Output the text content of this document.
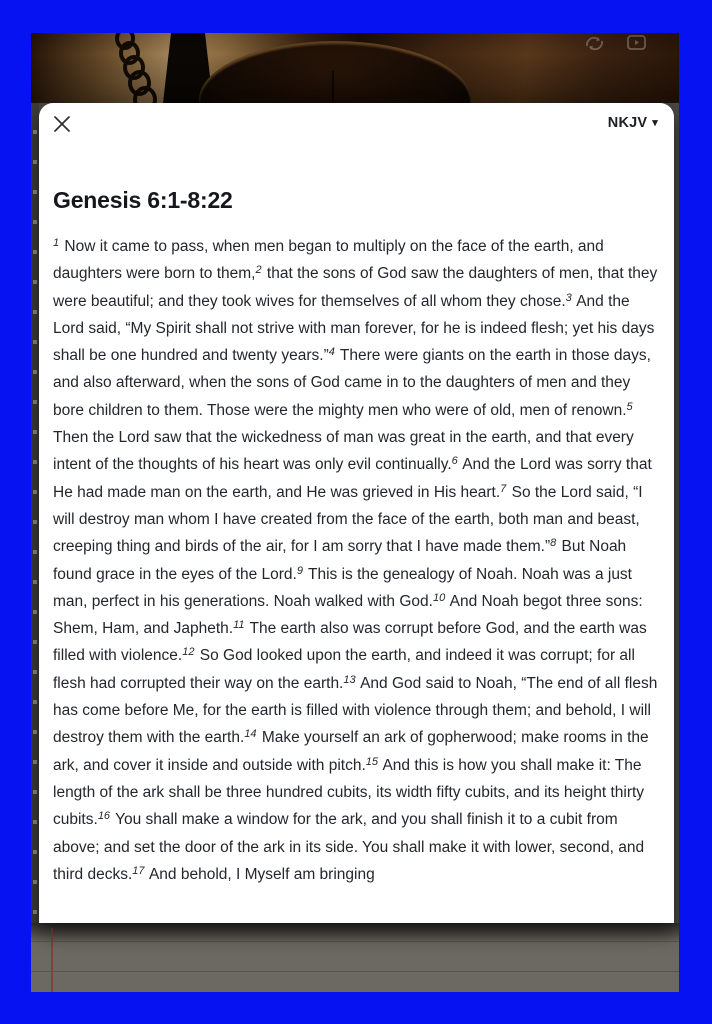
NKJV ▾
Genesis 6:1-8:22
$^1$ Now it came to pass, when men began to multiply on the face of the earth, and daughters were born to them,$^2$ that the sons of God saw the daughters of men, that they were beautiful; and they took wives for themselves of all whom they chose.$^3$ And the Lord said, “My Spirit shall not strive with man forever, for he is indeed flesh; yet his days shall be one hundred and twenty years.”$^4$ There were giants on the earth in those days, and also afterward, when the sons of God came in to the daughters of men and they bore children to them. Those were the mighty men who were of old, men of renown.$^5$ Then the Lord saw that the wickedness of man was great in the earth, and that every intent of the thoughts of his heart was only evil continually.$^6$ And the Lord was sorry that He had made man on the earth, and He was grieved in His heart.$^7$ So the Lord said, “I will destroy man whom I have created from the face of the earth, both man and beast, creeping thing and birds of the air, for I am sorry that I have made them.”$^8$ But Noah found grace in the eyes of the Lord.$^9$ This is the genealogy of Noah. Noah was a just man, perfect in his generations. Noah walked with God.$^{10}$ And Noah begot three sons: Shem, Ham, and Japheth.$^{11}$ The earth also was corrupt before God, and the earth was filled with violence.$^{12}$ So God looked upon the earth, and indeed it was corrupt; for all flesh had corrupted their way on the earth.$^{13}$ And God said to Noah, “The end of all flesh has come before Me, for the earth is filled with violence through them; and behold, I will destroy them with the earth.$^{14}$ Make yourself an ark of gopherwood; make rooms in the ark, and cover it inside and outside with pitch.$^{15}$ And this is how you shall make it: The length of the ark shall be three hundred cubits, its width fifty cubits, and its height thirty cubits.$^{16}$ You shall make a window for the ark, and you shall finish it to a cubit from above; and set the door of the ark in its side. You shall make it with lower, second, and third decks.$^{17}$ And behold, I Myself am bringing
